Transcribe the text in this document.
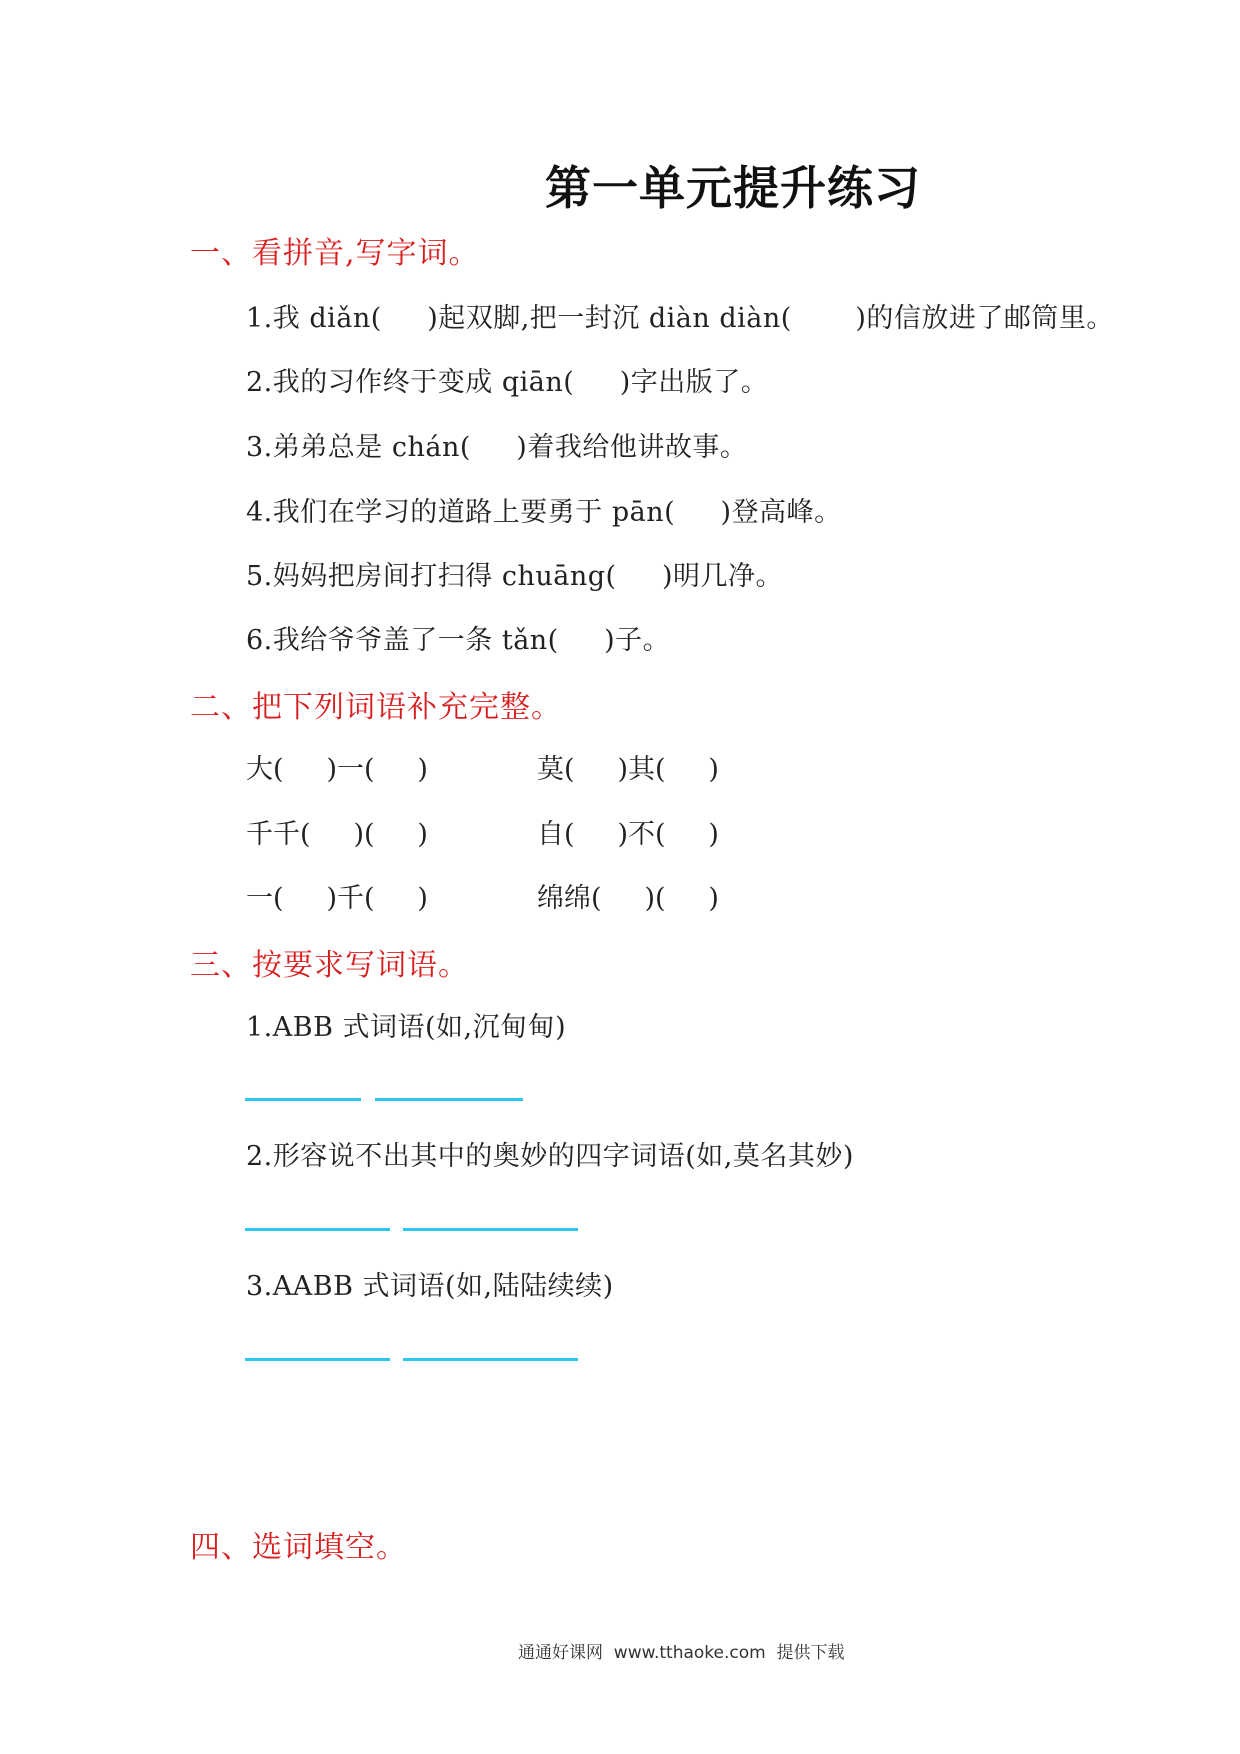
第一单元提升练习
一、看拼音,写字词。
1.我 diǎn(     )起双脚,把一封沉 diàn diàn(       )的信放进了邮筒里。
2.我的习作终于变成 qiān(     )字出版了。
3.弟弟总是 chán(     )着我给他讲故事。
4.我们在学习的道路上要勇于 pān(     )登高峰。
5.妈妈把房间打扫得 chuāng(     )明几净。
6.我给爷爷盖了一条 tǎn(     )子。
二、把下列词语补充完整。
大(     )一(     )	莫(     )其(     )
千千(     )(     )	自(     )不(     )
一(     )千(     )	绵绵(     )(     )
三、按要求写词语。
1.ABB 式词语(如,沉甸甸)
2.形容说不出其中的奥妙的四字词语(如,莫名其妙)
3.AABB 式词语(如,陆陆续续)
四、选词填空。
通通好课网  www.tthaoke.com  提供下载
